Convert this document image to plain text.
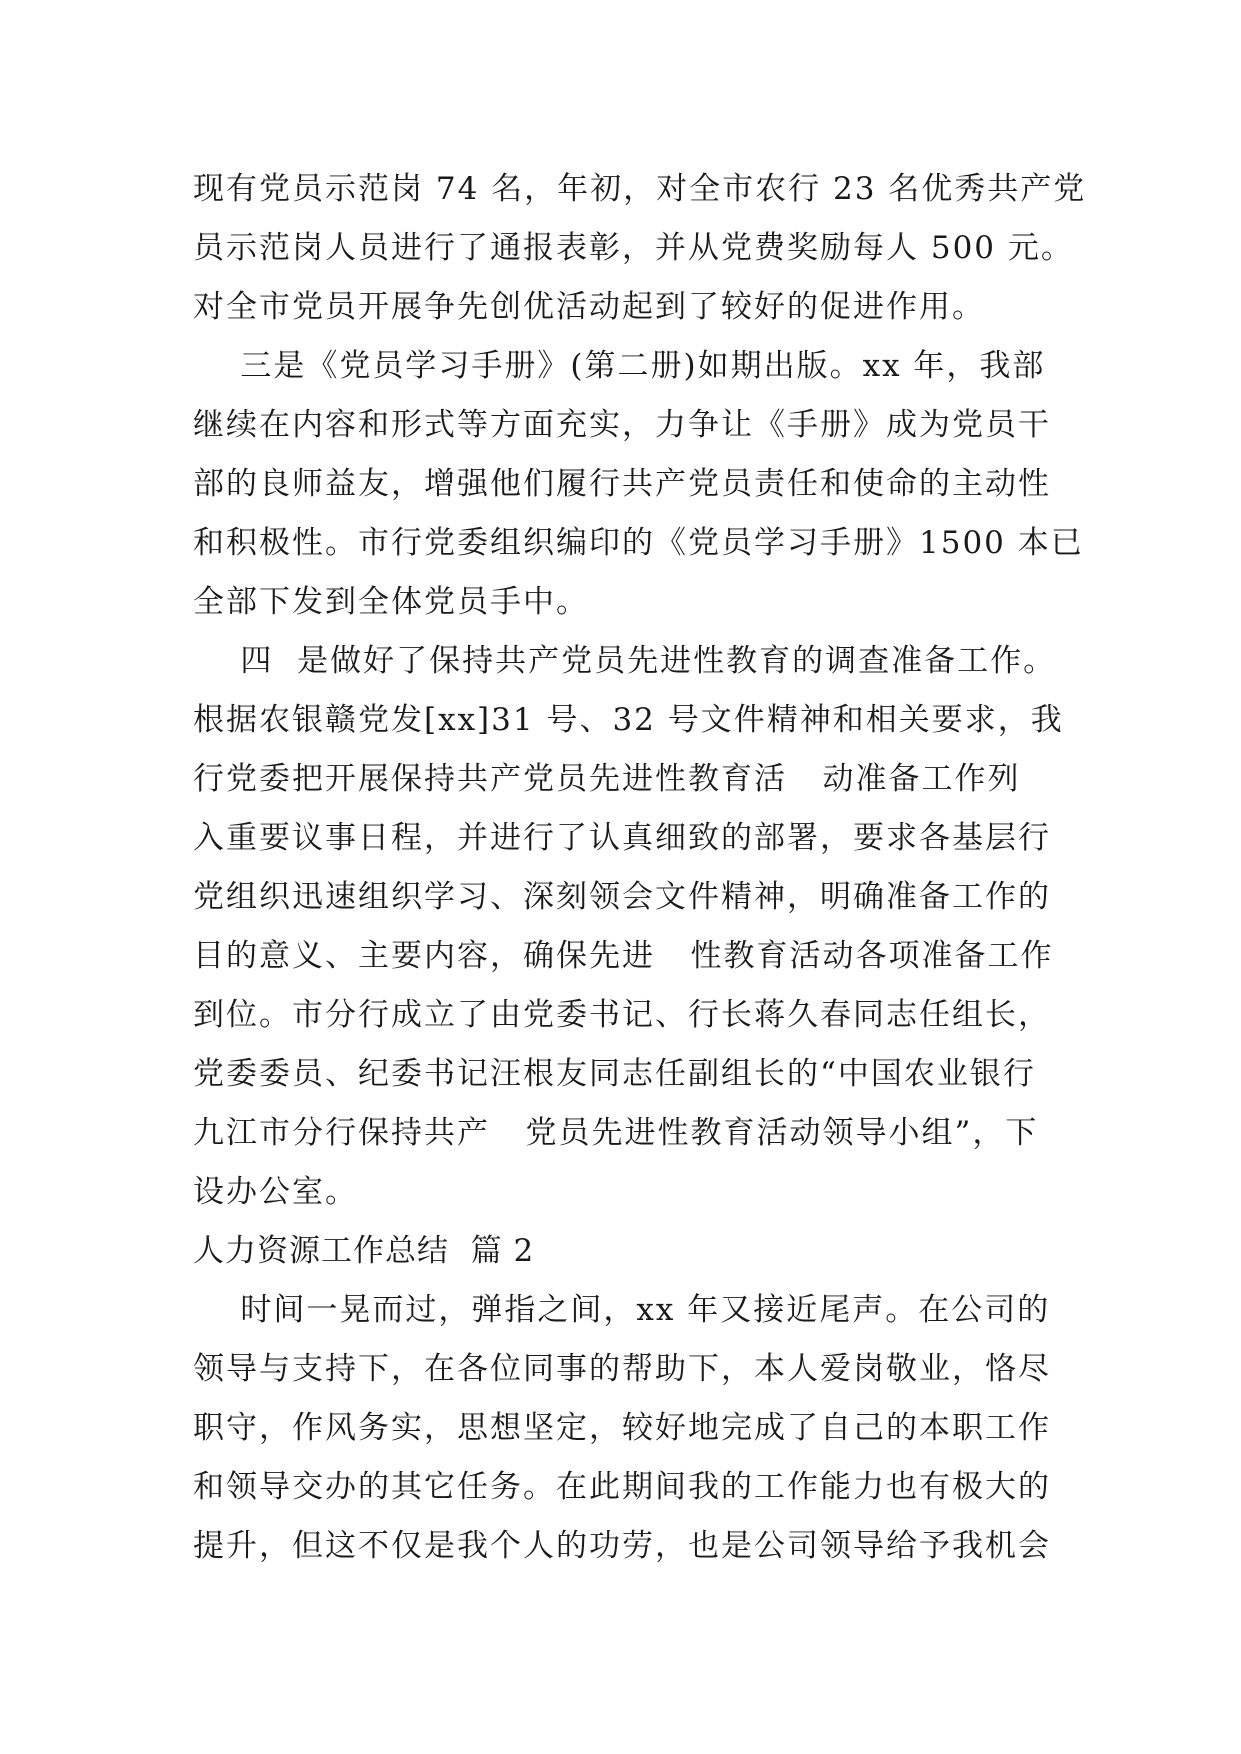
现有党员示范岗 74 名，年初，对全市农行 23 名优秀共产党
员示范岗人员进行了通报表彰，并从党费奖励每人 500 元。
对全市党员开展争先创优活动起到了较好的促进作用。
三是《党员学习手册》(第二册)如期出版。xx 年，我部
继续在内容和形式等方面充实，力争让《手册》成为党员干
部的良师益友，增强他们履行共产党员责任和使命的主动性
和积极性。市行党委组织编印的《党员学习手册》1500 本已
全部下发到全体党员手中。
四  是做好了保持共产党员先进性教育的调查准备工作。
根据农银赣党发[xx]31 号、32 号文件精神和相关要求，我
行党委把开展保持共产党员先进性教育活   动准备工作列
入重要议事日程，并进行了认真细致的部署，要求各基层行
党组织迅速组织学习、深刻领会文件精神，明确准备工作的
目的意义、主要内容，确保先进   性教育活动各项准备工作
到位。市分行成立了由党委书记、行长蒋久春同志任组长，
党委委员、纪委书记汪根友同志任副组长的“中国农业银行
九江市分行保持共产   党员先进性教育活动领导小组”，下
设办公室。
人力资源工作总结  篇 2
时间一晃而过，弹指之间，xx 年又接近尾声。在公司的
领导与支持下，在各位同事的帮助下，本人爱岗敬业，恪尽
职守，作风务实，思想坚定，较好地完成了自己的本职工作
和领导交办的其它任务。在此期间我的工作能力也有极大的
提升，但这不仅是我个人的功劳，也是公司领导给予我机会
